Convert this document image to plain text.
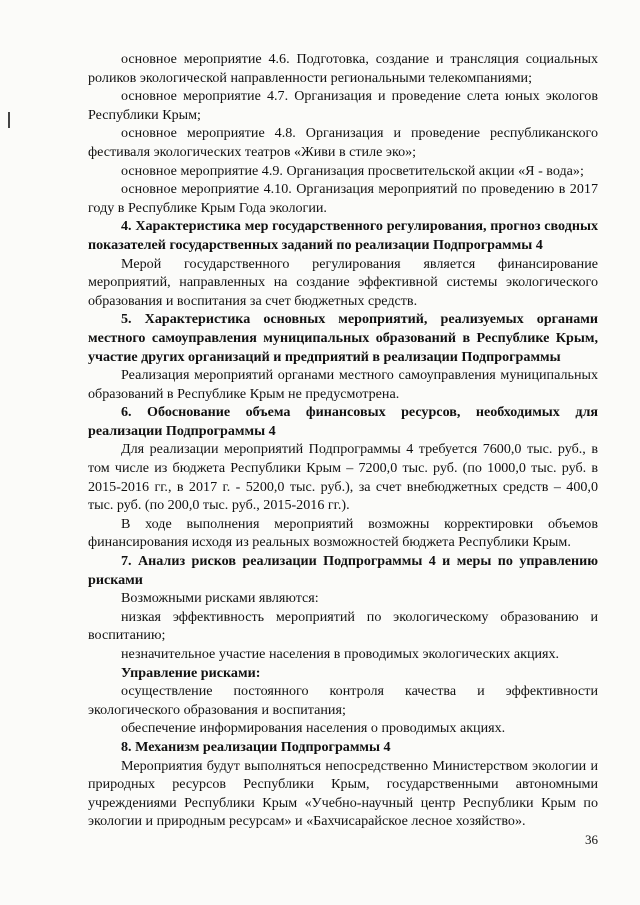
основное мероприятие 4.6. Подготовка, создание и трансляция социальных роликов экологической направленности региональными телекомпаниями;

основное мероприятие 4.7. Организация и проведение слета юных экологов Республики Крым;

основное мероприятие 4.8. Организация и проведение республиканского фестиваля экологических театров «Живи в стиле эко»;

основное мероприятие 4.9. Организация просветительской акции «Я - вода»;

основное мероприятие 4.10. Организация мероприятий по проведению в 2017 году в Республике Крым Года экологии.

4. Характеристика мер государственного регулирования, прогноз сводных показателей государственных заданий по реализации Подпрограммы 4

Мерой государственного регулирования является финансирование мероприятий, направленных на создание эффективной системы экологического образования и воспитания за счет бюджетных средств.

5. Характеристика основных мероприятий, реализуемых органами местного самоуправления муниципальных образований в Республике Крым, участие других организаций и предприятий в реализации Подпрограммы

Реализация мероприятий органами местного самоуправления муниципальных образований в Республике Крым не предусмотрена.

6. Обоснование объема финансовых ресурсов, необходимых для реализации Подпрограммы 4

Для реализации мероприятий Подпрограммы 4 требуется 7600,0 тыс. руб., в том числе из бюджета Республики Крым – 7200,0 тыс. руб. (по 1000,0 тыс. руб. в 2015-2016 гг., в 2017 г. - 5200,0 тыс. руб.), за счет внебюджетных средств – 400,0 тыс. руб. (по 200,0 тыс. руб., 2015-2016 гг.).

В ходе выполнения мероприятий возможны корректировки объемов финансирования исходя из реальных возможностей бюджета Республики Крым.

7. Анализ рисков реализации Подпрограммы 4 и меры по управлению рисками

Возможными рисками являются:

низкая эффективность мероприятий по экологическому образованию и воспитанию;

незначительное участие населения в проводимых экологических акциях.

Управление рисками:

осуществление постоянного контроля качества и эффективности экологического образования и воспитания;

обеспечение информирования населения о проводимых акциях.

8. Механизм реализации Подпрограммы 4

Мероприятия будут выполняться непосредственно Министерством экологии и природных ресурсов Республики Крым, государственными автономными учреждениями Республики Крым «Учебно-научный центр Республики Крым по экологии и природным ресурсам» и «Бахчисарайское лесное хозяйство».

36
